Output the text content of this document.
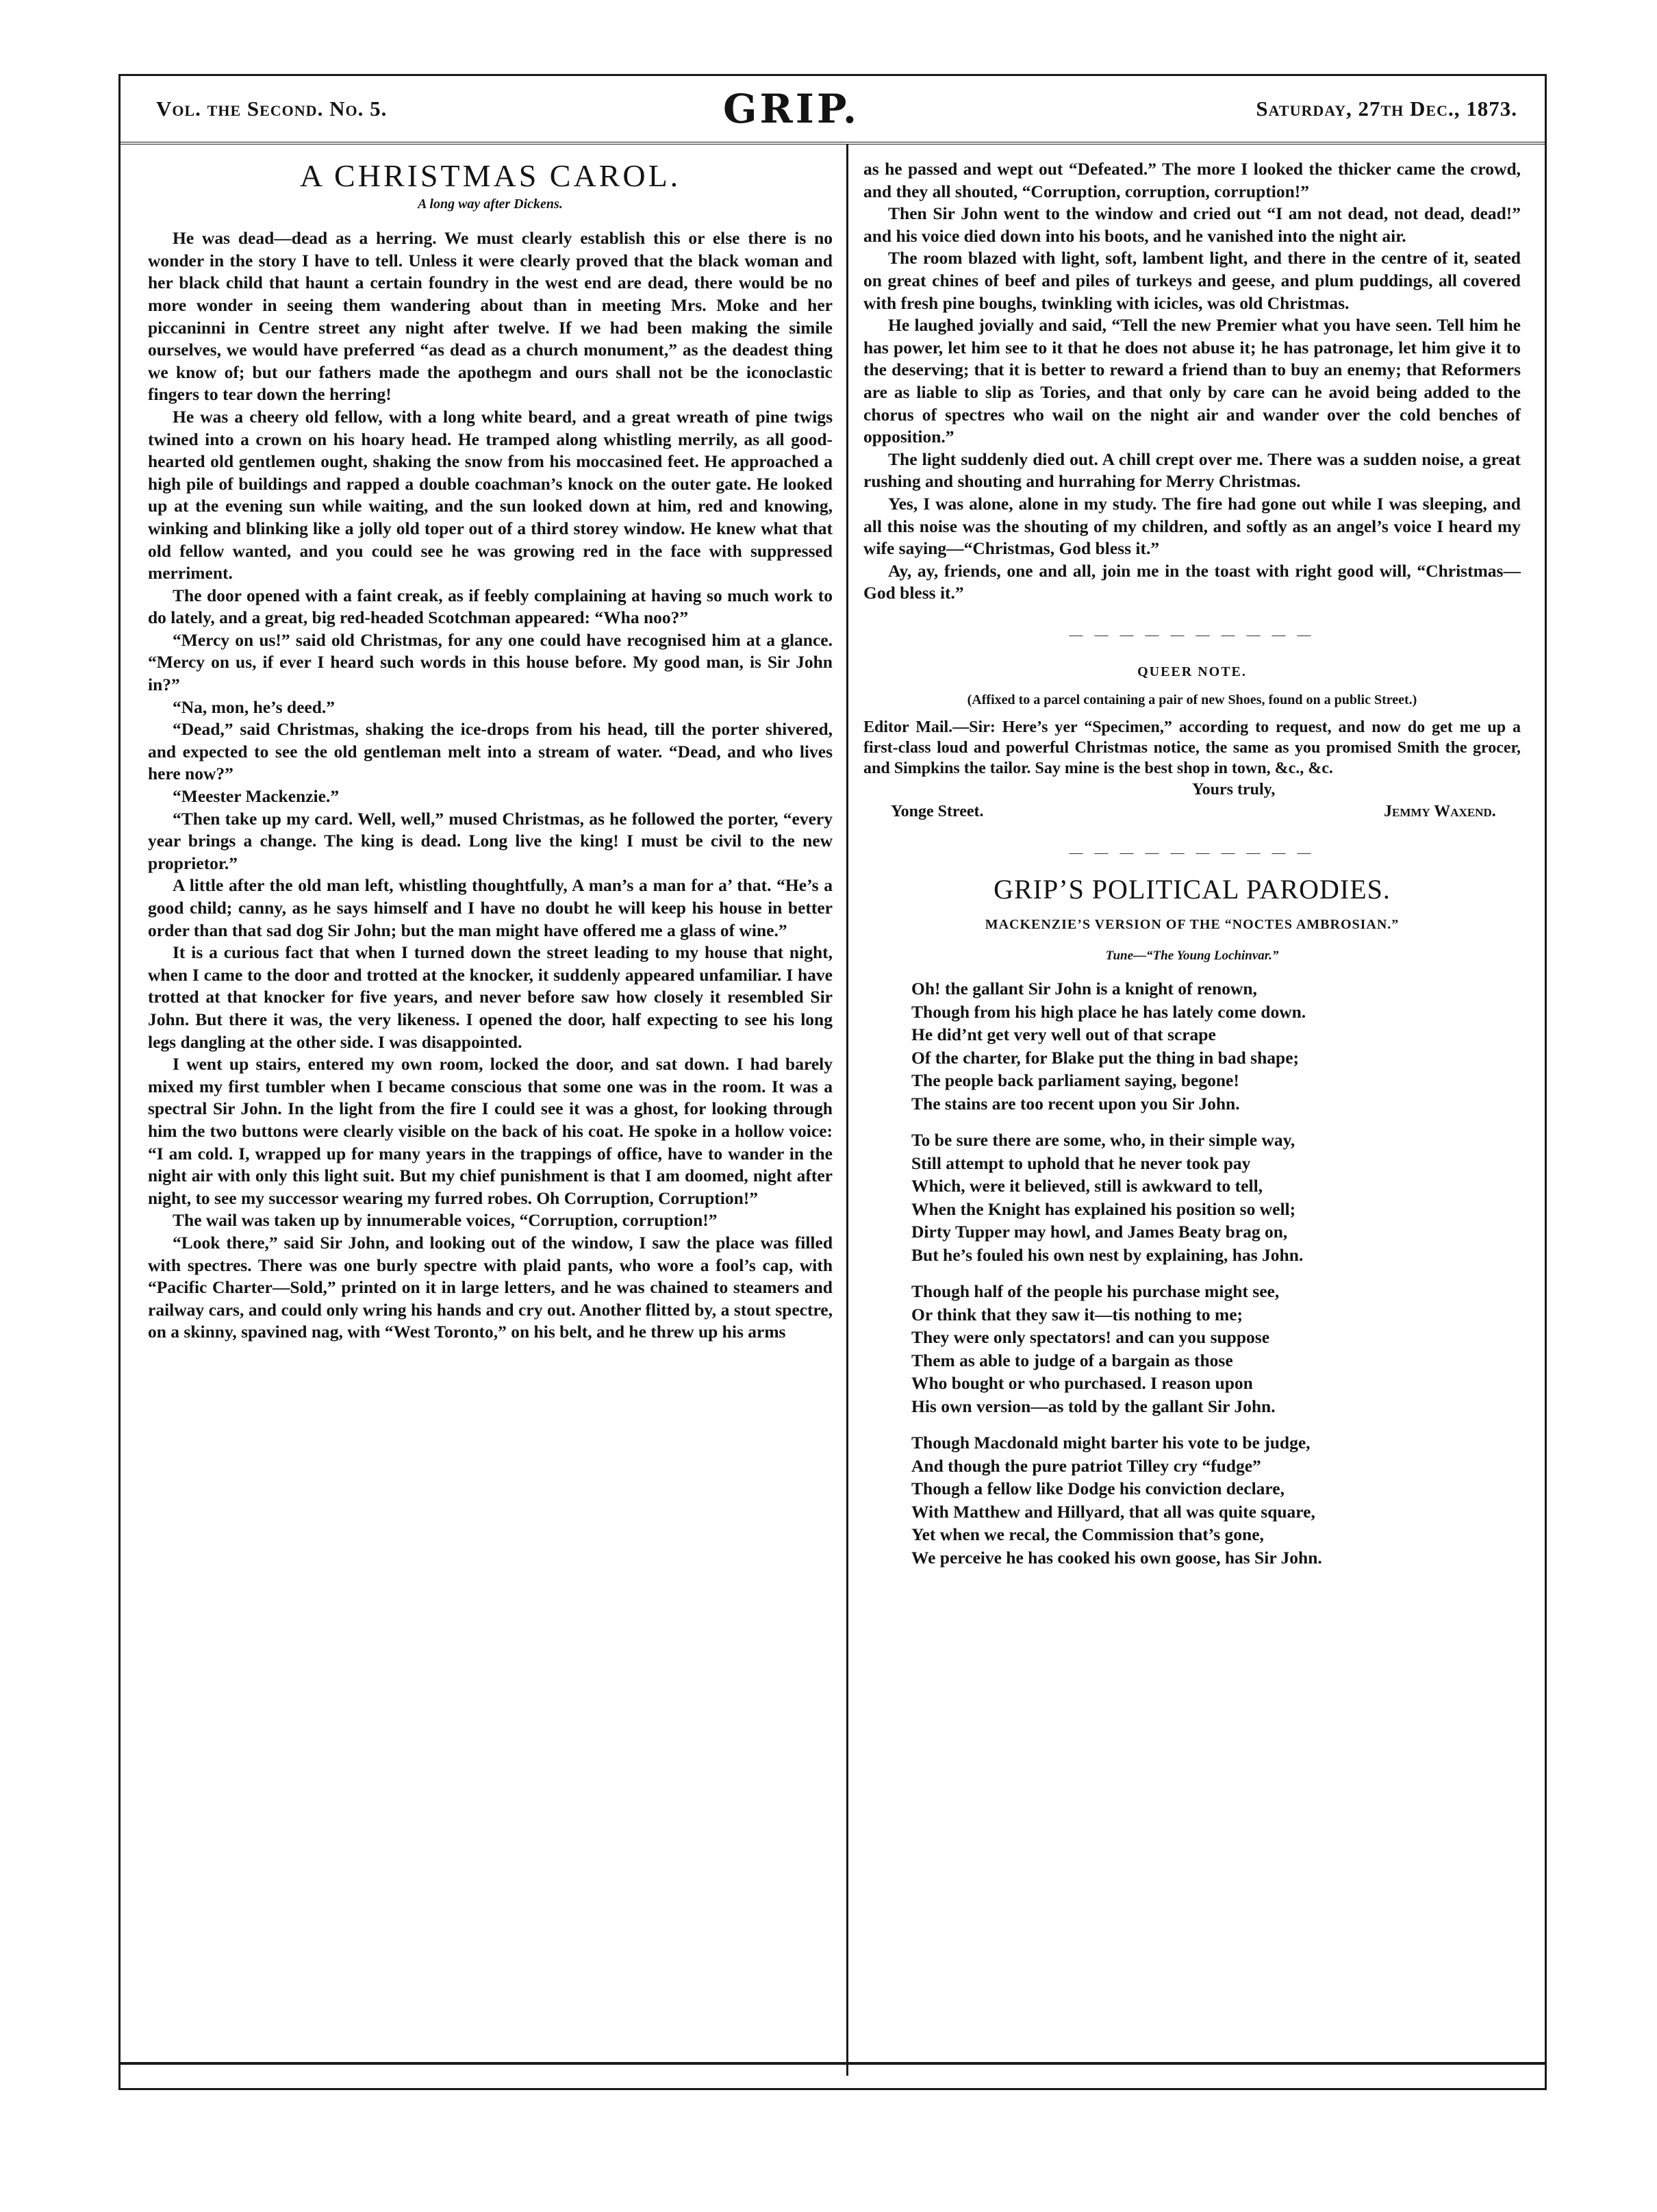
Vol. the Second. No. 5.	GRIP.	Saturday, 27th Dec., 1873.
A CHRISTMAS CAROL.
A long way after Dickens.

He was dead—dead as a herring. We must clearly establish this or else there is no wonder in the story I have to tell. Unless it were clearly proved that the black woman and her black child that haunt a certain foundry in the west end are dead, there would be no more wonder in seeing them wandering about than in meeting Mrs. Moke and her piccaninni in Centre street any night after twelve. If we had been making the simile ourselves, we would have preferred “as dead as a church monument,” as the deadest thing we know of; but our fathers made the apothegm and ours shall not be the iconoclastic fingers to tear down the herring!

He was a cheery old fellow, with a long white beard, and a great wreath of pine twigs twined into a crown on his hoary head. He tramped along whistling merrily, as all good-hearted old gentlemen ought, shaking the snow from his moccasined feet. He approached a high pile of buildings and rapped a double coachman’s knock on the outer gate. He looked up at the evening sun while waiting, and the sun looked down at him, red and knowing, winking and blinking like a jolly old toper out of a third storey window. He knew what that old fellow wanted, and you could see he was growing red in the face with suppressed merriment.

The door opened with a faint creak, as if feebly complaining at having so much work to do lately, and a great, big red-headed Scotchman appeared: “Wha noo?”

“Mercy on us!” said old Christmas, for any one could have recognised him at a glance. “Mercy on us, if ever I heard such words in this house before. My good man, is Sir John in?”

“Na, mon, he’s deed.”

“Dead,” said Christmas, shaking the ice-drops from his head, till the porter shivered, and expected to see the old gentleman melt into a stream of water. “Dead, and who lives here now?”

“Meester Mackenzie.”

“Then take up my card. Well, well,” mused Christmas, as he followed the porter, “every year brings a change. The king is dead. Long live the king! I must be civil to the new proprietor.”

A little after the old man left, whistling thoughtfully, A man’s a man for a’ that. “He’s a good child; canny, as he says himself and I have no doubt he will keep his house in better order than that sad dog Sir John; but the man might have offered me a glass of wine.”

It is a curious fact that when I turned down the street leading to my house that night, when I came to the door and trotted at the knocker, it suddenly appeared unfamiliar. I have trotted at that knocker for five years, and never before saw how closely it resembled Sir John. But there it was, the very likeness. I opened the door, half expecting to see his long legs dangling at the other side. I was disappointed.

I went up stairs, entered my own room, locked the door, and sat down. I had barely mixed my first tumbler when I became conscious that some one was in the room. It was a spectral Sir John. In the light from the fire I could see it was a ghost, for looking through him the two buttons were clearly visible on the back of his coat. He spoke in a hollow voice: “I am cold. I, wrapped up for many years in the trappings of office, have to wander in the night air with only this light suit. But my chief punishment is that I am doomed, night after night, to see my successor wearing my furred robes. Oh Corruption, Corruption!”

The wail was taken up by innumerable voices, “Corruption, corruption!”

“Look there,” said Sir John, and looking out of the window, I saw the place was filled with spectres. There was one burly spectre with plaid pants, who wore a fool’s cap, with “Pacific Charter—Sold,” printed on it in large letters, and he was chained to steamers and railway cars, and could only wring his hands and cry out. Another flitted by, a stout spectre, on a skinny, spavined nag, with “West Toronto,” on his belt, and he threw up his arms

as he passed and wept out “Defeated.” The more I looked the thicker came the crowd, and they all shouted, “Corruption, corruption, corruption!”

Then Sir John went to the window and cried out “I am not dead, not dead, dead!” and his voice died down into his boots, and he vanished into the night air.

The room blazed with light, soft, lambent light, and there in the centre of it, seated on great chines of beef and piles of turkeys and geese, and plum puddings, all covered with fresh pine boughs, twinkling with icicles, was old Christmas.

He laughed jovially and said, “Tell the new Premier what you have seen. Tell him he has power, let him see to it that he does not abuse it; he has patronage, let him give it to the deserving; that it is better to reward a friend than to buy an enemy; that Reformers are as liable to slip as Tories, and that only by care can he avoid being added to the chorus of spectres who wail on the night air and wander over the cold benches of opposition.”

The light suddenly died out. A chill crept over me. There was a sudden noise, a great rushing and shouting and hurrahing for Merry Christmas.

Yes, I was alone, alone in my study. The fire had gone out while I was sleeping, and all this noise was the shouting of my children, and softly as an angel’s voice I heard my wife saying—“Christmas, God bless it.”

Ay, ay, friends, one and all, join me in the toast with right good will, “Christmas—God bless it.”

— — — — — — — — — —
QUEER NOTE.
(Affixed to a parcel containing a pair of new Shoes, found on a public Street.)

Editor Mail.—Sir: Here’s yer “Specimen,” according to request, and now do get me up a first-class loud and powerful Christmas notice, the same as you promised Smith the grocer, and Simpkins the tailor. Say mine is the best shop in town, &c., &c.

Yours truly,
Yonge Street.	Jemmy Waxend.
— — — — — — — — — —
GRIP’S POLITICAL PARODIES.
MACKENZIE’S VERSION OF THE “NOCTES AMBROSIAN.”
Tune—“The Young Lochinvar.”
Oh! the gallant Sir John is a knight of renown,
Though from his high place he has lately come down.
He did’nt get very well out of that scrape
Of the charter, for Blake put the thing in bad shape;
The people back parliament saying, begone!
The stains are too recent upon you Sir John.
To be sure there are some, who, in their simple way,
Still attempt to uphold that he never took pay
Which, were it believed, still is awkward to tell,
When the Knight has explained his position so well;
Dirty Tupper may howl, and James Beaty brag on,
But he’s fouled his own nest by explaining, has John.
Though half of the people his purchase might see,
Or think that they saw it—tis nothing to me;
They were only spectators! and can you suppose
Them as able to judge of a bargain as those
Who bought or who purchased. I reason upon
His own version—as told by the gallant Sir John.
Though Macdonald might barter his vote to be judge,
And though the pure patriot Tilley cry “fudge”
Though a fellow like Dodge his conviction declare,
With Matthew and Hillyard, that all was quite square,
Yet when we recal, the Commission that’s gone,
We perceive he has cooked his own goose, has Sir John.
